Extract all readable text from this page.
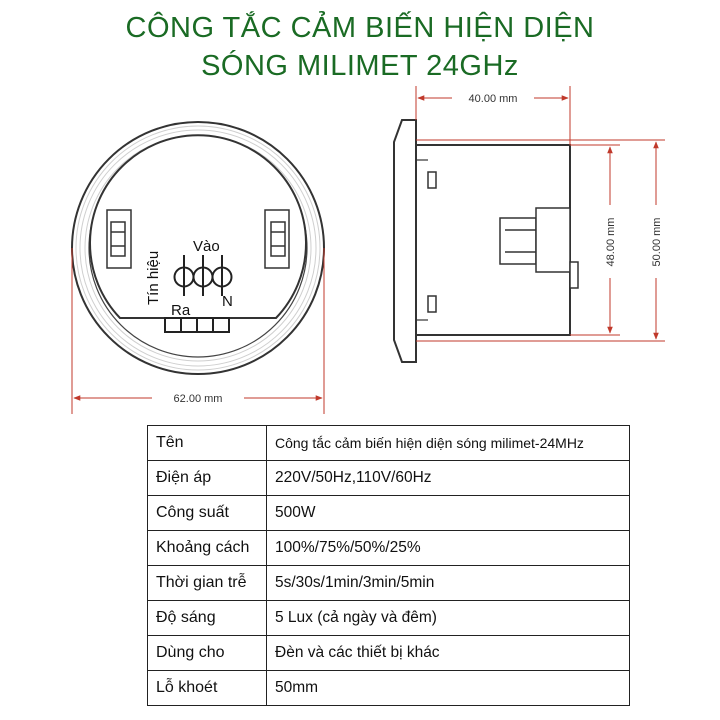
CÔNG TẮC CẢM BIẾN HIỆN DIỆN
SÓNG MILIMET 24GHz
Tín hiệu
Vào
Ra
N
62.00 mm
40.00 mm
48.00 mm	50.00 mm
Tên	Công tắc cảm biến hiện diện sóng milimet-24MHz
Điện áp	220V/50Hz,110V/60Hz
Công suất	500W
Khoảng cách	100%/75%/50%/25%
Thời gian trễ	5s/30s/1min/3min/5min
Độ sáng	5 Lux (cả ngày và đêm)
Dùng cho	Đèn và các thiết bị khác
Lỗ khoét	50mm
